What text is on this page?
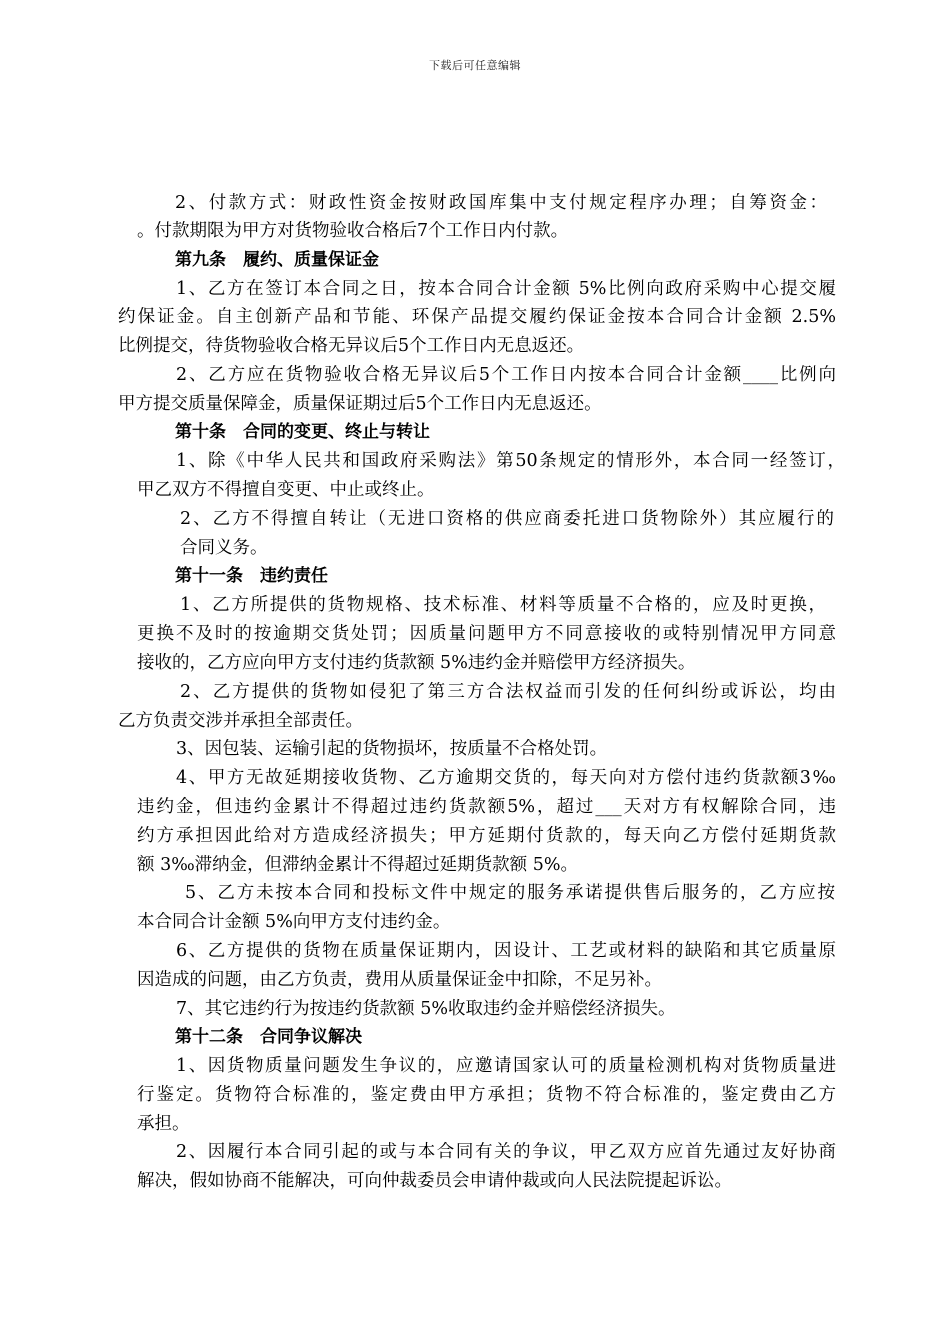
下载后可任意编辑
2、付款方式：财政性资金按财政国库集中支付规定程序办理；自筹资金：
。付款期限为甲方对货物验收合格后7个工作日内付款。
第九条　履约、质量保证金
1、乙方在签订本合同之日，按本合同合计金额 5%比例向政府采购中心提交履
约保证金。自主创新产品和节能、环保产品提交履约保证金按本合同合计金额 2.5%
比例提交，待货物验收合格无异议后5个工作日内无息返还。
2、乙方应在货物验收合格无异议后5个工作日内按本合同合计金额____比例向
甲方提交质量保障金，质量保证期过后5个工作日内无息返还。
第十条　合同的变更、终止与转让
1、除《中华人民共和国政府采购法》第50条规定的情形外，本合同一经签订，
甲乙双方不得擅自变更、中止或终止。
2、乙方不得擅自转让（无进口资格的供应商委托进口货物除外）其应履行的
合同义务。
第十一条　违约责任
1、乙方所提供的货物规格、技术标准、材料等质量不合格的，应及时更换，
更换不及时的按逾期交货处罚；因质量问题甲方不同意接收的或特别情况甲方同意
接收的，乙方应向甲方支付违约货款额 5%违约金并赔偿甲方经济损失。
2、乙方提供的货物如侵犯了第三方合法权益而引发的任何纠纷或诉讼，均由
乙方负责交涉并承担全部责任。
3、因包装、运输引起的货物损坏，按质量不合格处罚。
4、甲方无故延期接收货物、乙方逾期交货的，每天向对方偿付违约货款额3‰
违约金，但违约金累计不得超过违约货款额5%，超过___天对方有权解除合同，违
约方承担因此给对方造成经济损失；甲方延期付货款的，每天向乙方偿付延期货款
额 3‰滞纳金，但滞纳金累计不得超过延期货款额 5%。
5、乙方未按本合同和投标文件中规定的服务承诺提供售后服务的，乙方应按
本合同合计金额 5%向甲方支付违约金。
6、乙方提供的货物在质量保证期内，因设计、工艺或材料的缺陷和其它质量原
因造成的问题，由乙方负责，费用从质量保证金中扣除，不足另补。
7、其它违约行为按违约货款额 5%收取违约金并赔偿经济损失。
第十二条　合同争议解决
1、因货物质量问题发生争议的，应邀请国家认可的质量检测机构对货物质量进
行鉴定。货物符合标准的，鉴定费由甲方承担；货物不符合标准的，鉴定费由乙方
承担。
2、因履行本合同引起的或与本合同有关的争议，甲乙双方应首先通过友好协商
解决，假如协商不能解决，可向仲裁委员会申请仲裁或向人民法院提起诉讼。
